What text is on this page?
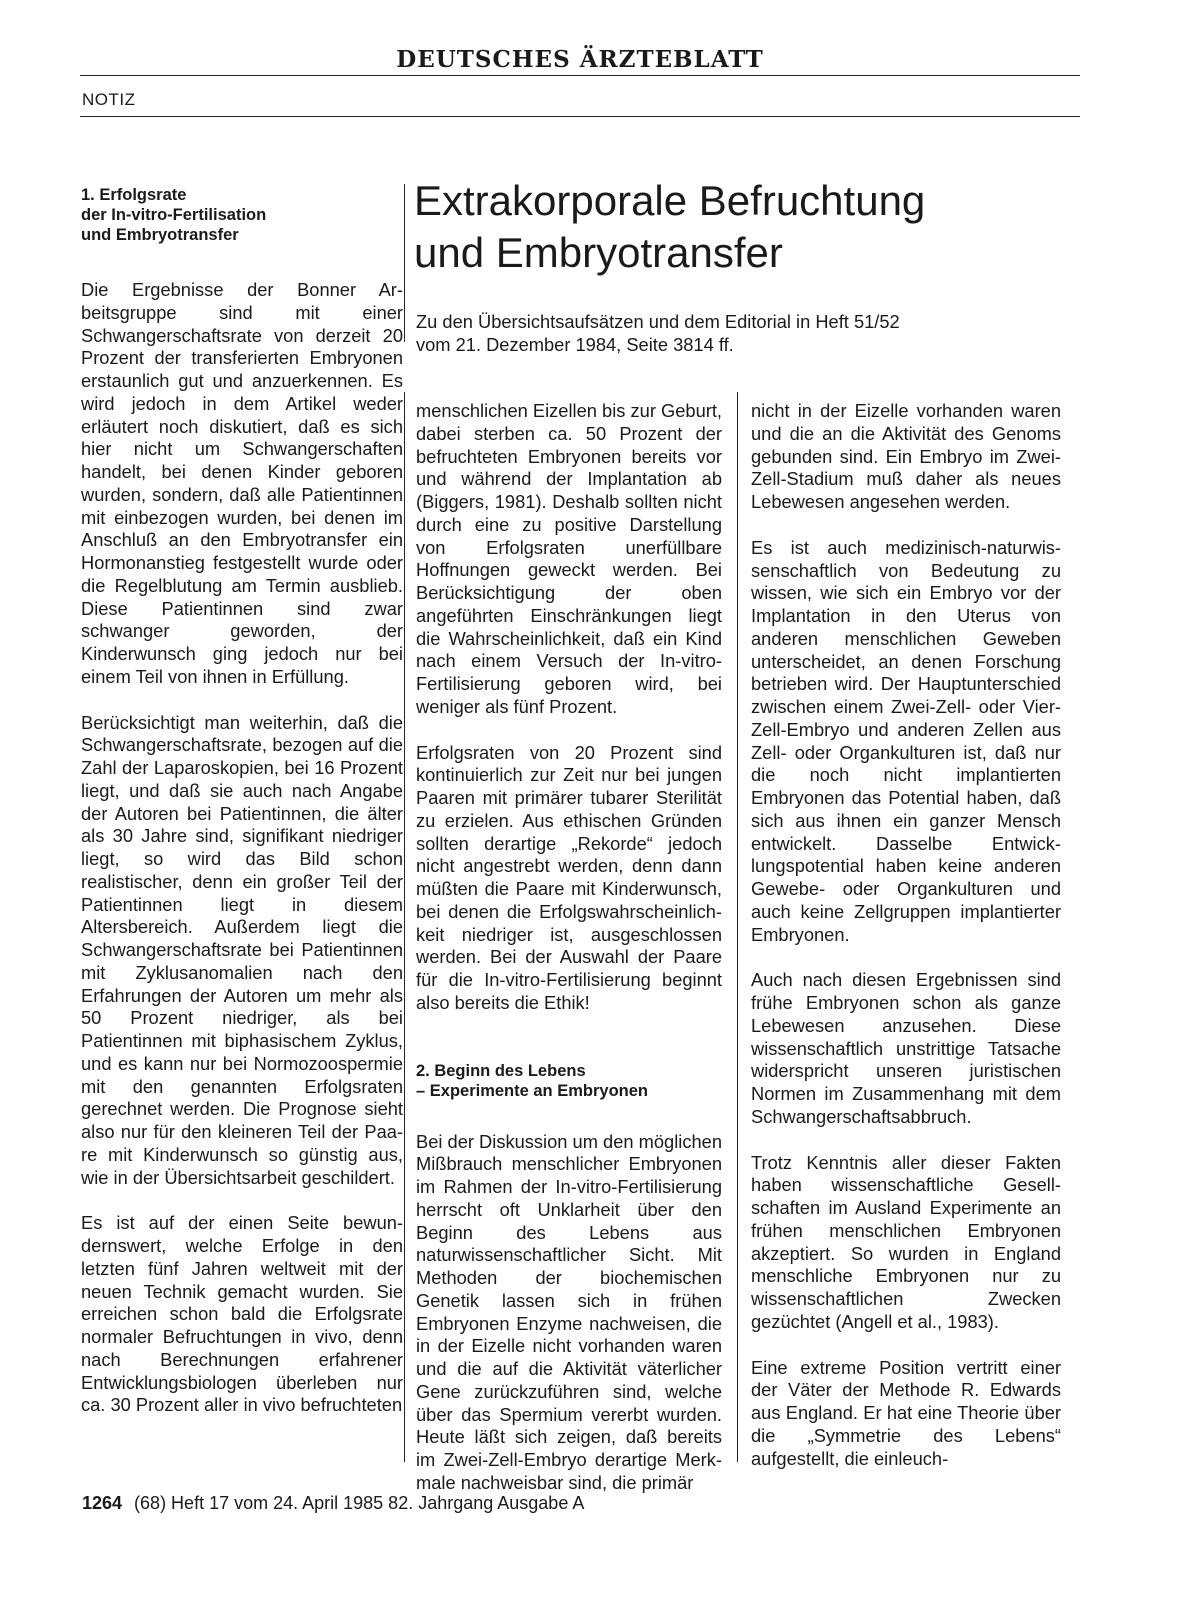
DEUTSCHES ÄRZTEBLATT
NOTIZ
1. Erfolgsrate
der In-vitro-Fertilisation
und Embryotransfer

Die Ergebnisse der Bonner Arbeitsgruppe sind mit einer Schwangerschaftsrate von derzeit 20 Prozent der transferierten Embryonen erstaunlich gut und anzuerkennen. Es wird jedoch in dem Artikel weder erläutert noch diskutiert, daß es sich hier nicht um Schwangerschaften handelt, bei denen Kinder geboren wurden, sondern, daß alle Patientinnen mit einbezogen wurden, bei denen im Anschluß an den Embryotransfer ein Hormonanstieg festgestellt wurde oder die Regelblutung am Termin ausblieb. Diese Patientinnen sind zwar schwanger geworden, der Kinderwunsch ging jedoch nur bei einem Teil von ihnen in Erfüllung.

Berücksichtigt man weiterhin, daß die Schwangerschaftsrate, bezogen auf die Zahl der Laparoskopien, bei 16 Prozent liegt, und daß sie auch nach Angabe der Autoren bei Patientinnen, die älter als 30 Jahre sind, signifikant niedriger liegt, so wird das Bild schon realistischer, denn ein großer Teil der Patientinnen liegt in diesem Altersbereich. Außerdem liegt die Schwangerschaftsrate bei Patientinnen mit Zyklusanomalien nach den Erfahrungen der Autoren um mehr als 50 Prozent niedriger, als bei Patientinnen mit biphasischem Zyklus, und es kann nur bei Normozoospermie mit den genannten Erfolgsraten gerechnet werden. Die Prognose sieht also nur für den kleineren Teil der Paare mit Kinderwunsch so günstig aus, wie in der Übersichtsarbeit geschildert.

Es ist auf der einen Seite bewundernswert, welche Erfolge in den letzten fünf Jahren weltweit mit der neuen Technik gemacht wurden. Sie erreichen schon bald die Erfolgsrate normaler Befruchtungen in vivo, denn nach Berechnungen erfahrener Entwicklungsbiologen überleben nur ca. 30 Prozent aller in vivo befruchteten

Extrakorporale Befruchtung
und Embryotransfer

Zu den Übersichtsaufsätzen und dem Editorial in Heft 51/52
vom 21. Dezember 1984, Seite 3814 ff.

menschlichen Eizellen bis zur Geburt, dabei sterben ca. 50 Prozent der befruchteten Embryonen bereits vor und während der Implantation ab (Biggers, 1981). Deshalb sollten nicht durch eine zu positive Darstellung von Erfolgsraten unerfüllbare Hoffnungen geweckt werden. Bei Berücksichtigung der oben angeführten Einschränkungen liegt die Wahrscheinlichkeit, daß ein Kind nach einem Versuch der In-vitro-Fertilisierung geboren wird, bei weniger als fünf Prozent.

Erfolgsraten von 20 Prozent sind kontinuierlich zur Zeit nur bei jungen Paaren mit primärer tubarer Sterilität zu erzielen. Aus ethischen Gründen sollten derartige „Rekorde“ jedoch nicht angestrebt werden, denn dann müßten die Paare mit Kinderwunsch, bei denen die Erfolgswahrscheinlichkeit niedriger ist, ausgeschlossen werden. Bei der Auswahl der Paare für die In-vitro-Fertilisierung beginnt also bereits die Ethik!

2. Beginn des Lebens
– Experimente an Embryonen

Bei der Diskussion um den möglichen Mißbrauch menschlicher Embryonen im Rahmen der In-vitro-Fertilisierung herrscht oft Unklarheit über den Beginn des Lebens aus naturwissenschaftlicher Sicht. Mit Methoden der biochemischen Genetik lassen sich in frühen Embryonen Enzyme nachweisen, die in der Eizelle nicht vorhanden waren und die auf die Aktivität väterlicher Gene zurückzuführen sind, welche über das Spermium vererbt wurden. Heute läßt sich zeigen, daß bereits im Zwei-Zell-Embryo derartige Merkmale nachweisbar sind, die primär

nicht in der Eizelle vorhanden waren und die an die Aktivität des Genoms gebunden sind. Ein Embryo im Zwei-Zell-Stadium muß daher als neues Lebewesen angesehen werden.

Es ist auch medizinisch-naturwissenschaftlich von Bedeutung zu wissen, wie sich ein Embryo vor der Implantation in den Uterus von anderen menschlichen Geweben unterscheidet, an denen Forschung betrieben wird. Der Hauptunterschied zwischen einem Zwei-Zell- oder Vier-Zell-Embryo und anderen Zellen aus Zell- oder Organkulturen ist, daß nur die noch nicht implantierten Embryonen das Potential haben, daß sich aus ihnen ein ganzer Mensch entwickelt. Dasselbe Entwicklungspotential haben keine anderen Gewebe- oder Organkulturen und auch keine Zellgruppen implantierter Embryonen.

Auch nach diesen Ergebnissen sind frühe Embryonen schon als ganze Lebewesen anzusehen. Diese wissenschaftlich unstrittige Tatsache widerspricht unseren juristischen Normen im Zusammenhang mit dem Schwangerschaftsabbruch.

Trotz Kenntnis aller dieser Fakten haben wissenschaftliche Gesellschaften im Ausland Experimente an frühen menschlichen Embryonen akzeptiert. So wurden in England menschliche Embryonen nur zu wissenschaftlichen Zwecken gezüchtet (Angell et al., 1983).

Eine extreme Position vertritt einer der Väter der Methode R. Edwards aus England. Er hat eine Theorie über die „Symmetrie des Lebens“ aufgestellt, die einleuch-

1264 (68) Heft 17 vom 24. April 1985 82. Jahrgang Ausgabe A
